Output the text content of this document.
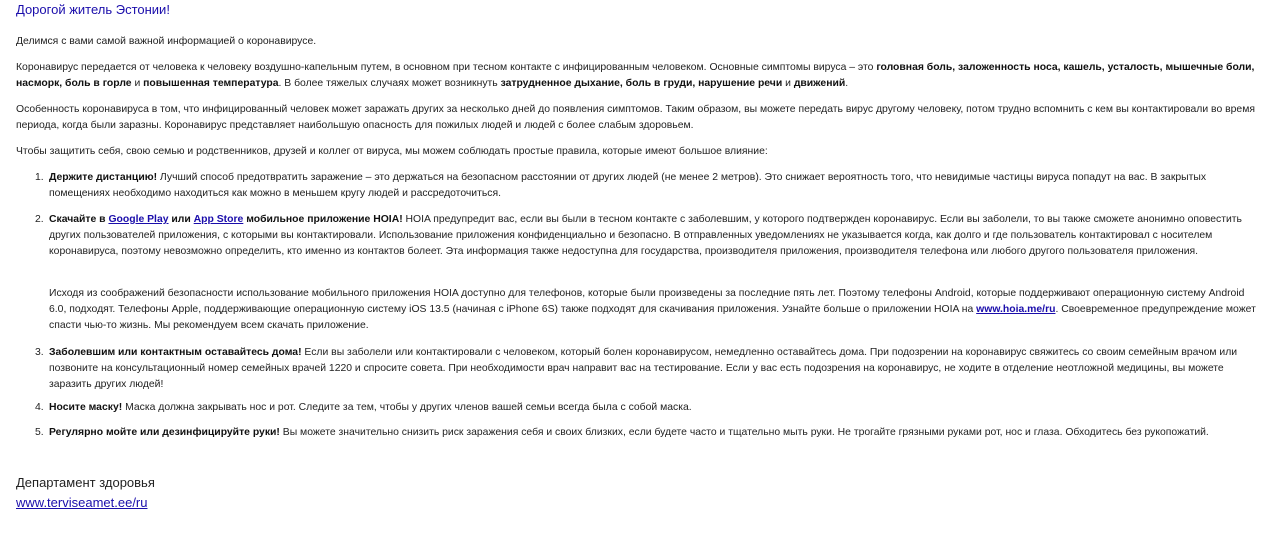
Дорогой житель Эстонии!
Делимся с вами самой важной информацией о коронавирусе.
Коронавирус передается от человека к человеку воздушно-капельным путем, в основном при тесном контакте с инфицированным человеком. Основные симптомы вируса – это головная боль, заложенность носа, кашель, усталость, мышечные боли, насморк, боль в горле и повышенная температура. В более тяжелых случаях может возникнуть затрудненное дыхание, боль в груди, нарушение речи и движений.
Особенность коронавируса в том, что инфицированный человек может заражать других за несколько дней до появления симптомов. Таким образом, вы можете передать вирус другому человеку, потом трудно вспомнить с кем вы контактировали во время периода, когда были заразны. Коронавирус представляет наибольшую опасность для пожилых людей и людей с более слабым здоровьем.
Чтобы защитить себя, свою семью и родственников, друзей и коллег от вируса, мы можем соблюдать простые правила, которые имеют большое влияние:
1. Держите дистанцию! Лучший способ предотвратить заражение – это держаться на безопасном расстоянии от других людей (не менее 2 метров). Это снижает вероятность того, что невидимые частицы вируса попадут на вас. В закрытых помещениях необходимо находиться как можно в меньшем кругу людей и рассредоточиться.
2. Скачайте в Google Play или App Store мобильное приложение HOIA! HOIA предупредит вас, если вы были в тесном контакте с заболевшим, у которого подтвержден коронавирус. Если вы заболели, то вы также сможете анонимно оповестить других пользователей приложения, с которыми вы контактировали. Использование приложения конфиденциально и безопасно. В отправленных уведомлениях не указывается когда, как долго и где пользователь контактировал с носителем коронавируса, поэтому невозможно определить, кто именно из контактов болеет. Эта информация также недоступна для государства, производителя приложения, производителя телефона или любого другого пользователя приложения.
Исходя из соображений безопасности использование мобильного приложения HOIA доступно для телефонов, которые были произведены за последние пять лет. Поэтому телефоны Android, которые поддерживают операционную систему Android 6.0, подходят. Телефоны Apple, поддерживающие операционную систему iOS 13.5 (начиная с iPhone 6S) также подходят для скачивания приложения. Узнайте больше о приложении HOIA на www.hoia.me/ru. Своевременное предупреждение может спасти чью-то жизнь. Мы рекомендуем всем скачать приложение.
3. Заболевшим или контактным оставайтесь дома! Если вы заболели или контактировали с человеком, который болен коронавирусом, немедленно оставайтесь дома. При подозрении на коронавирус свяжитесь со своим семейным врачом или позвоните на консультационный номер семейных врачей 1220 и спросите совета. При необходимости врач направит вас на тестирование. Если у вас есть подозрения на коронавирус, не ходите в отделение неотложной медицины, вы можете заразить других людей!
4. Носите маску! Маска должна закрывать нос и рот. Следите за тем, чтобы у других членов вашей семьи всегда была с собой маска.
5. Регулярно мойте или дезинфицируйте руки! Вы можете значительно снизить риск заражения себя и своих близких, если будете часто и тщательно мыть руки. Не трогайте грязными руками рот, нос и глаза. Обходитесь без рукопожатий.
Департамент здоровья
www.terviseamet.ee/ru
